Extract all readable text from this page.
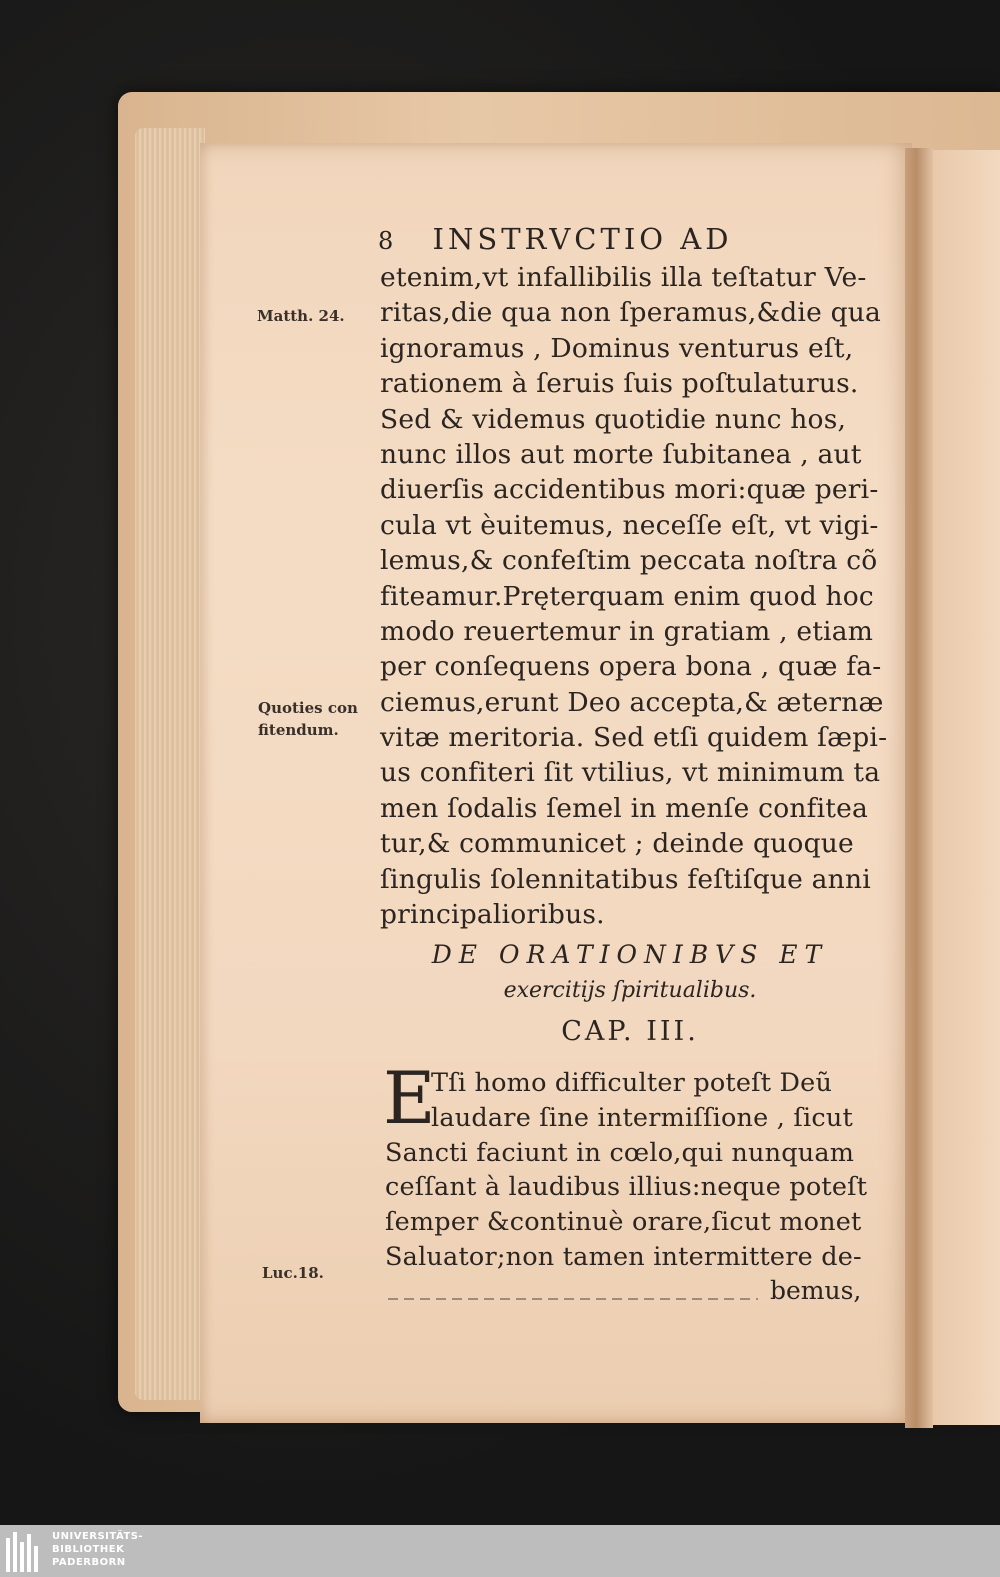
8 INSTRVCTIO AD
Matth. 24.
Quoties con
fitendum.
Luc.18.
etenim,vt infallibilis illa teſtatur Ve-
ritas,die qua non ſperamus,&die qua
ignoramus , Dominus venturus eſt,
rationem à ſeruis ſuis poſtulaturus.
Sed & videmus quotidie nunc hos,
nunc illos aut morte ſubitanea , aut
diuerſis accidentibus mori:quæ peri-
cula vt èuitemus, neceſſe eſt, vt vigi-
lemus,& confeſtim peccata noſtra cõ
fiteamur.Pręterquam enim quod hoc
modo reuertemur in gratiam , etiam
per conſequens opera bona , quæ fa-
ciemus,erunt Deo accepta,& æternæ
vitæ meritoria. Sed etſi quidem ſæpi-
us confiteri ſit vtilius, vt minimum ta
men ſodalis ſemel in menſe confitea
tur,& communicet ; deinde quoque
ſingulis ſolennitatibus feſtiſque anni
principalioribus.
DE ORATIONIBVS ET
exercitijs ſpiritualibus.
CAP. III.
E
Tſi homo difficulter poteſt Deũ
laudare ſine intermiſſione , ſicut
Sancti faciunt in cœlo,qui nunquam
ceſſant à laudibus illius:neque poteſt
ſemper &continuè orare,ſicut monet
Saluator;non tamen intermittere de-
bemus,
UNIVERSITÄTS-
BIBLIOTHEK
PADERBORN
